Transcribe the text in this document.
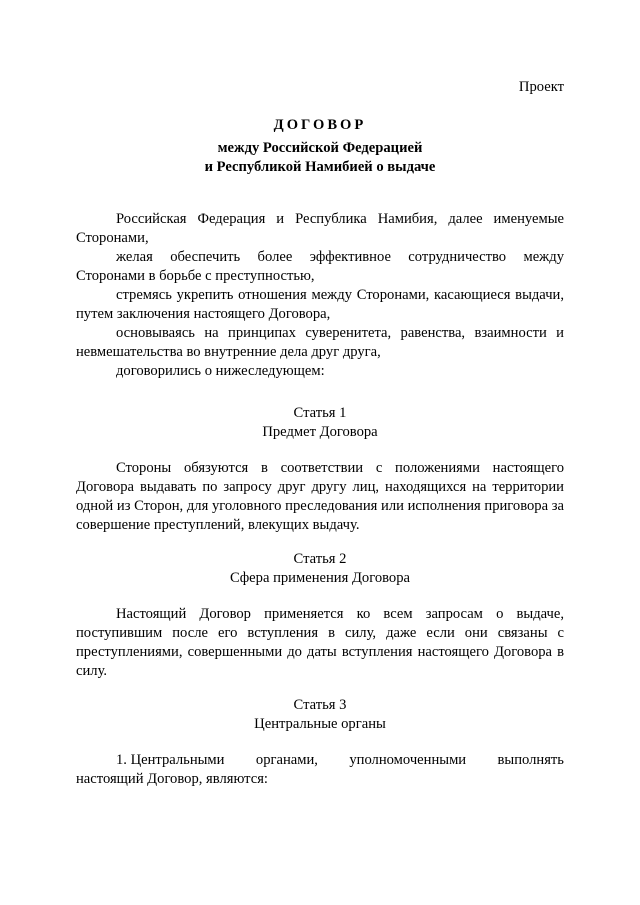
Проект
ДОГОВОР
между Российской Федерацией
и Республикой Намибией о выдаче

Российская Федерация и Республика Намибия, далее именуемые Сторонами,

желая обеспечить более эффективное сотрудничество между Сторонами в борьбе с преступностью,

стремясь укрепить отношения между Сторонами, касающиеся выдачи, путем заключения настоящего Договора,

основываясь на принципах суверенитета, равенства, взаимности и невмешательства во внутренние дела друг друга,

договорились о нижеследующем:

Статья 1
Предмет Договора

Стороны обязуются в соответствии с положениями настоящего Договора выдавать по запросу друг другу лиц, находящихся на территории одной из Сторон, для уголовного преследования или исполнения приговора за совершение преступлений, влекущих выдачу.

Статья 2
Сфера применения Договора

Настоящий Договор применяется ко всем запросам о выдаче, поступившим после его вступления в силу, даже если они связаны с преступлениями, совершенными до даты вступления настоящего Договора в силу.

Статья 3
Центральные органы
1. Центральными органами, уполномоченными выполнять
настоящий Договор, являются:
